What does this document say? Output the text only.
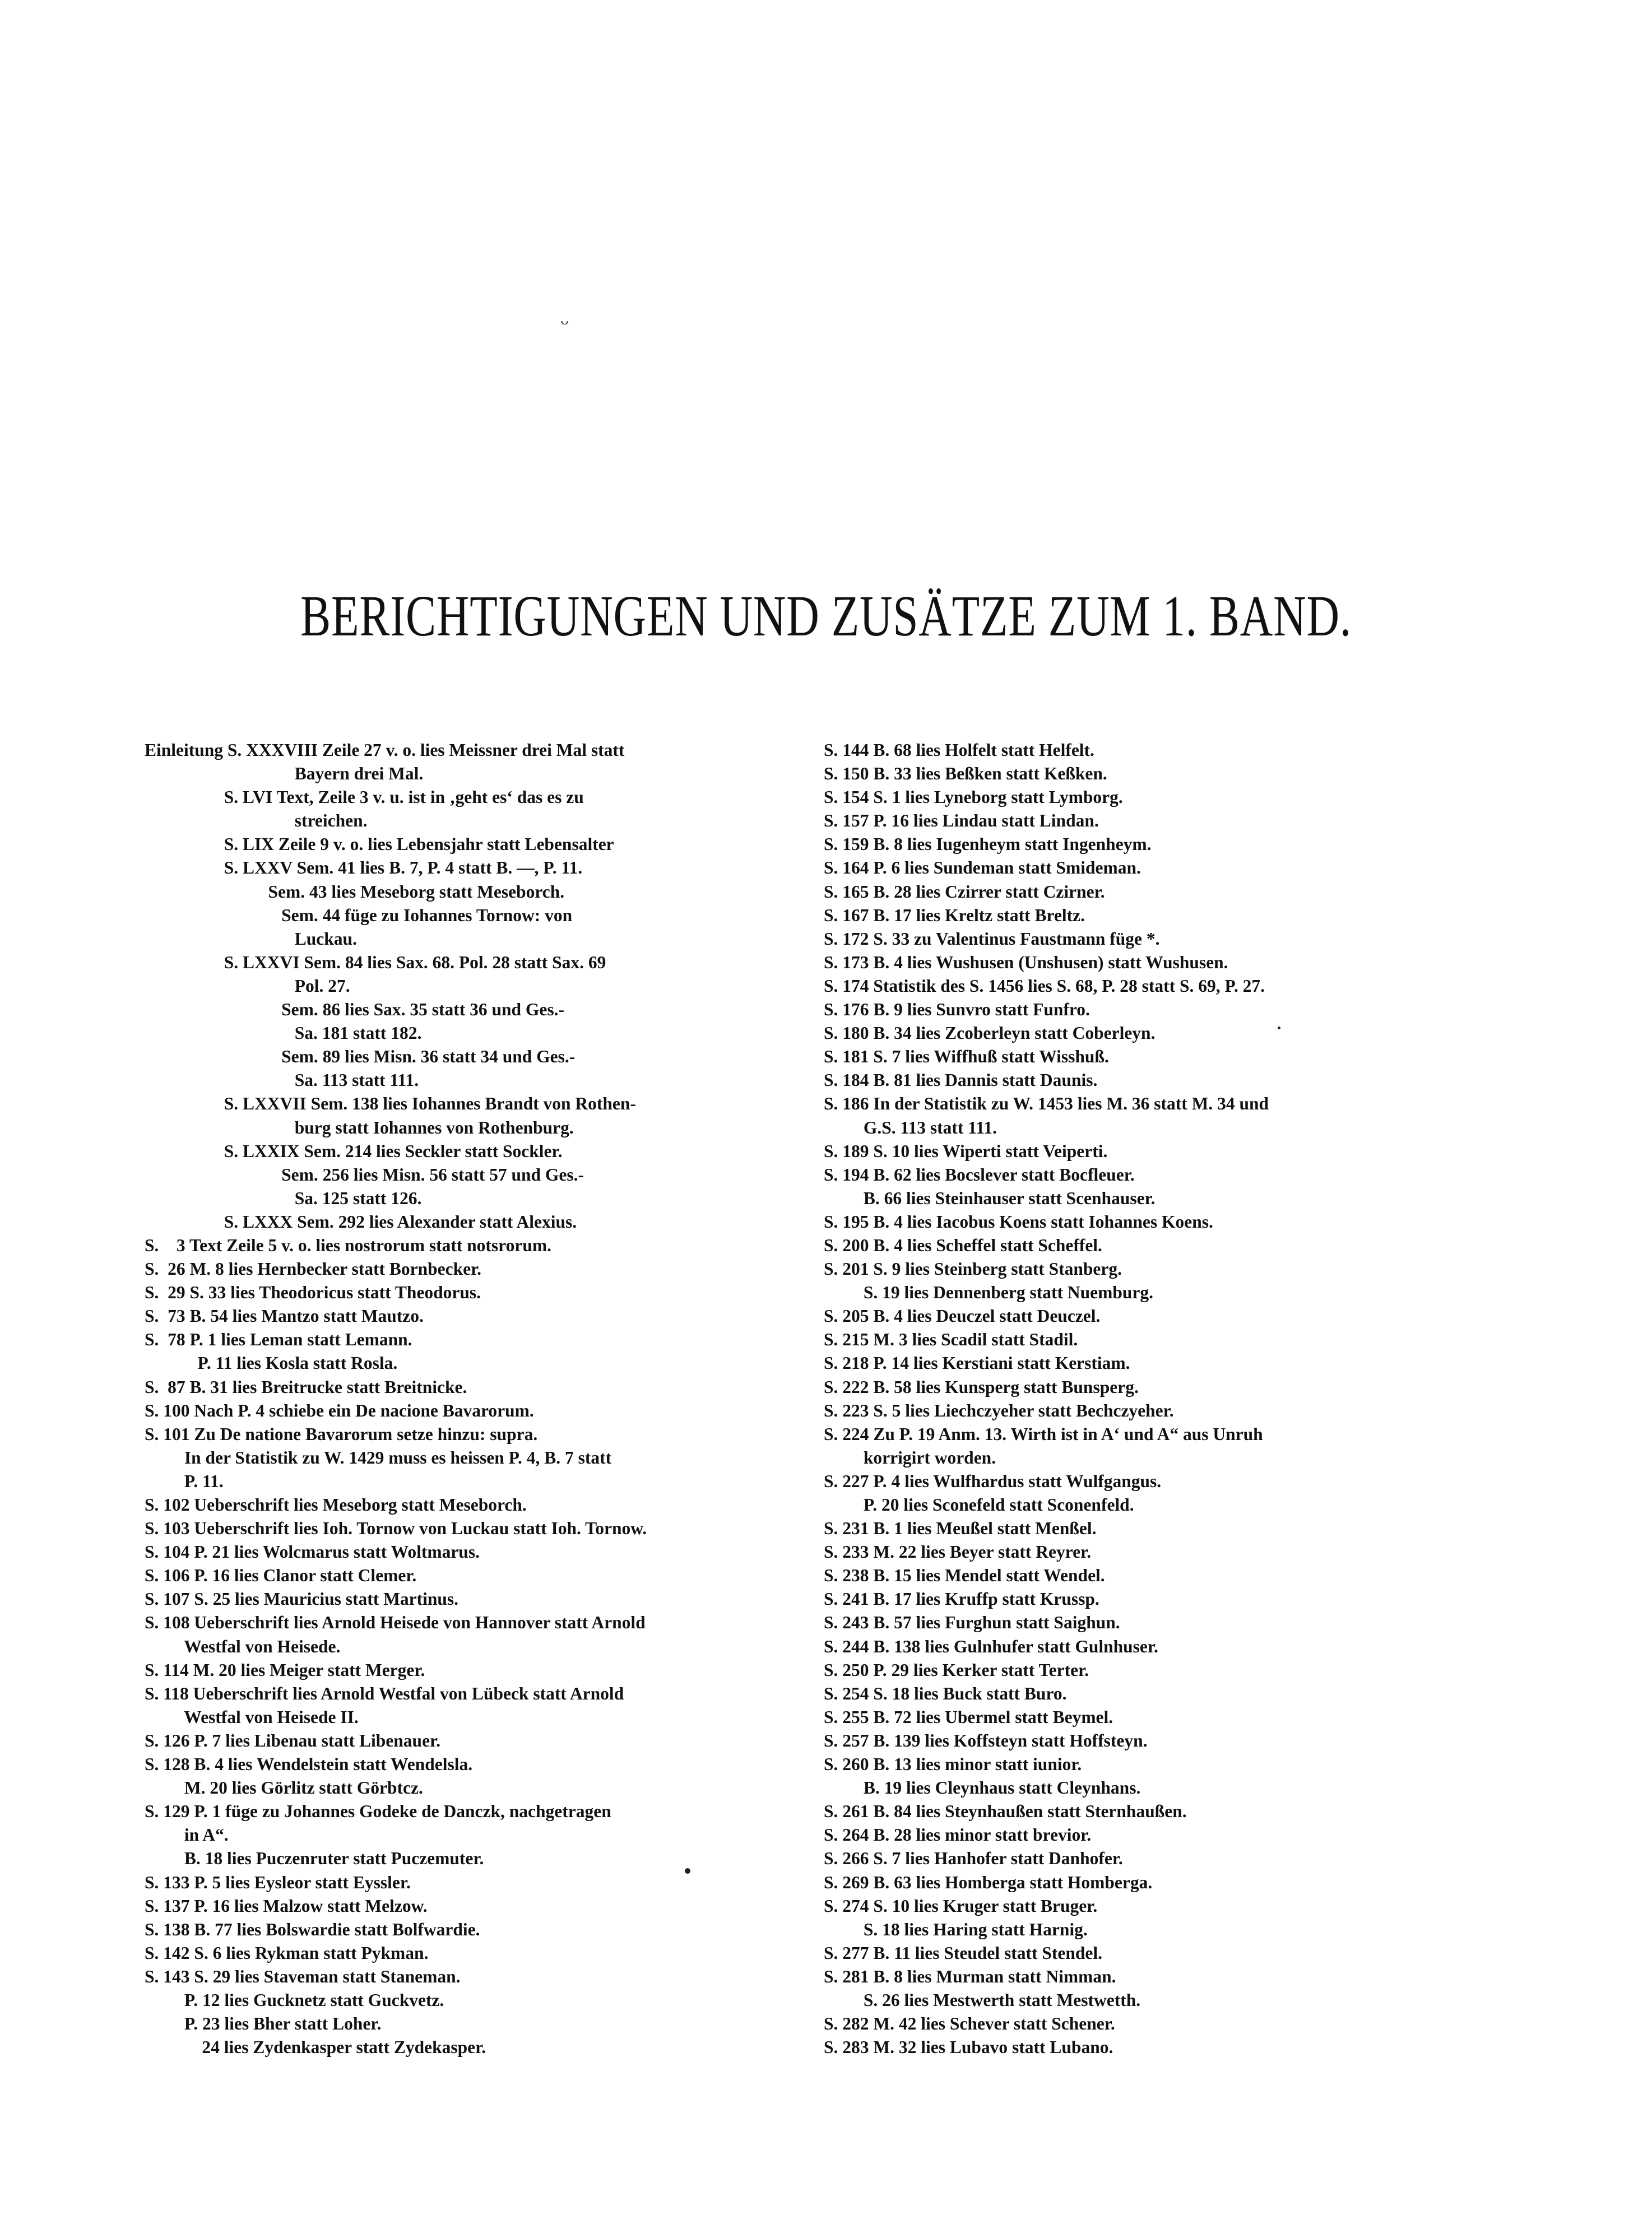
ᵕ
BERICHTIGUNGEN UND ZUSÄTZE ZUM 1. BAND.
Einleitung S. XXXVIII Zeile 27 v. o. lies Meissner drei Mal statt
Bayern drei Mal.
S. LVI Text, Zeile 3 v. u. ist in ‚geht es‘ das es zu
streichen.
S. LIX Zeile 9 v. o. lies Lebensjahr statt Lebensalter
S. LXXV Sem. 41 lies B. 7, P. 4 statt B. —, P. 11.
Sem. 43 lies Meseborg statt Meseborch.
Sem. 44 füge zu Iohannes Tornow: von
Luckau.
S. LXXVI Sem. 84 lies Sax. 68. Pol. 28 statt Sax. 69
Pol. 27.
Sem. 86 lies Sax. 35 statt 36 und Ges.-
Sa. 181 statt 182.
Sem. 89 lies Misn. 36 statt 34 und Ges.-
Sa. 113 statt 111.
S. LXXVII Sem. 138 lies Iohannes Brandt von Rothen-
burg statt Iohannes von Rothenburg.
S. LXXIX Sem. 214 lies Seckler statt Sockler.
Sem. 256 lies Misn. 56 statt 57 und Ges.-
Sa. 125 statt 126.
S. LXXX Sem. 292 lies Alexander statt Alexius.
S.    3 Text Zeile 5 v. o. lies nostrorum statt notsrorum.
S.  26 M. 8 lies Hernbecker statt Bornbecker.
S.  29 S. 33 lies Theodoricus statt Theodorus.
S.  73 B. 54 lies Mantzo statt Mautzo.
S.  78 P. 1 lies Leman statt Lemann.
P. 11 lies Kosla statt Rosla.
S.  87 B. 31 lies Breitrucke statt Breitnicke.
S. 100 Nach P. 4 schiebe ein De nacione Bavarorum.
S. 101 Zu De natione Bavarorum setze hinzu: supra.
In der Statistik zu W. 1429 muss es heissen P. 4, B. 7 statt
P. 11.
S. 102 Ueberschrift lies Meseborg statt Meseborch.
S. 103 Ueberschrift lies Ioh. Tornow von Luckau statt Ioh. Tornow.
S. 104 P. 21 lies Wolcmarus statt Woltmarus.
S. 106 P. 16 lies Clanor statt Clemer.
S. 107 S. 25 lies Mauricius statt Martinus.
S. 108 Ueberschrift lies Arnold Heisede von Hannover statt Arnold
Westfal von Heisede.
S. 114 M. 20 lies Meiger statt Merger.
S. 118 Ueberschrift lies Arnold Westfal von Lübeck statt Arnold
Westfal von Heisede II.
S. 126 P. 7 lies Libenau statt Libenauer.
S. 128 B. 4 lies Wendelstein statt Wendelsla.
M. 20 lies Görlitz statt Görbtcz.
S. 129 P. 1 füge zu Johannes Godeke de Danczk, nachgetragen
in A“.
B. 18 lies Puczenruter statt Puczemuter.
S. 133 P. 5 lies Eysleor statt Eyssler.
S. 137 P. 16 lies Malzow statt Melzow.
S. 138 B. 77 lies Bolswardie statt Bolfwardie.
S. 142 S. 6 lies Rykman statt Pykman.
S. 143 S. 29 lies Staveman statt Staneman.
P. 12 lies Gucknetz statt Guckvetz.
P. 23 lies Bher statt Loher.
24 lies Zydenkasper statt Zydekasper.
S. 144 B. 68 lies Holfelt statt Helfelt.
S. 150 B. 33 lies Beßken statt Keßken.
S. 154 S. 1 lies Lyneborg statt Lymborg.
S. 157 P. 16 lies Lindau statt Lindan.
S. 159 B. 8 lies Iugenheym statt Ingenheym.
S. 164 P. 6 lies Sundeman statt Smideman.
S. 165 B. 28 lies Czirrer statt Czirner.
S. 167 B. 17 lies Kreltz statt Breltz.
S. 172 S. 33 zu Valentinus Faustmann füge *.
S. 173 B. 4 lies Wushusen (Unshusen) statt Wushusen.
S. 174 Statistik des S. 1456 lies S. 68, P. 28 statt S. 69, P. 27.
S. 176 B. 9 lies Sunvro statt Funfro.
S. 180 B. 34 lies Zcoberleyn statt Coberleyn.
S. 181 S. 7 lies Wiffhuß statt Wisshuß.
S. 184 B. 81 lies Dannis statt Daunis.
S. 186 In der Statistik zu W. 1453 lies M. 36 statt M. 34 und
G.S. 113 statt 111.
S. 189 S. 10 lies Wiperti statt Veiperti.
S. 194 B. 62 lies Bocslever statt Bocfleuer.
B. 66 lies Steinhauser statt Scenhauser.
S. 195 B. 4 lies Iacobus Koens statt Iohannes Koens.
S. 200 B. 4 lies Scheffel statt Scheffel.
S. 201 S. 9 lies Steinberg statt Stanberg.
S. 19 lies Dennenberg statt Nuemburg.
S. 205 B. 4 lies Deuczel statt Deuczel.
S. 215 M. 3 lies Scadil statt Stadil.
S. 218 P. 14 lies Kerstiani statt Kerstiam.
S. 222 B. 58 lies Kunsperg statt Bunsperg.
S. 223 S. 5 lies Liechczyeher statt Bechczyeher.
S. 224 Zu P. 19 Anm. 13. Wirth ist in A‘ und A“ aus Unruh
korrigirt worden.
S. 227 P. 4 lies Wulfhardus statt Wulfgangus.
P. 20 lies Sconefeld statt Sconenfeld.
S. 231 B. 1 lies Meußel statt Menßel.
S. 233 M. 22 lies Beyer statt Reyrer.
S. 238 B. 15 lies Mendel statt Wendel.
S. 241 B. 17 lies Kruffp statt Krussp.
S. 243 B. 57 lies Furghun statt Saighun.
S. 244 B. 138 lies Gulnhufer statt Gulnhuser.
S. 250 P. 29 lies Kerker statt Terter.
S. 254 S. 18 lies Buck statt Buro.
S. 255 B. 72 lies Ubermel statt Beymel.
S. 257 B. 139 lies Koffsteyn statt Hoffsteyn.
S. 260 B. 13 lies minor statt iunior.
B. 19 lies Cleynhaus statt Cleynhans.
S. 261 B. 84 lies Steynhaußen statt Sternhaußen.
S. 264 B. 28 lies minor statt brevior.
S. 266 S. 7 lies Hanhofer statt Danhofer.
S. 269 B. 63 lies Homberga statt Homberga.
S. 274 S. 10 lies Kruger statt Bruger.
S. 18 lies Haring statt Harnig.
S. 277 B. 11 lies Steudel statt Stendel.
S. 281 B. 8 lies Murman statt Nimman.
S. 26 lies Mestwerth statt Mestwetth.
S. 282 M. 42 lies Schever statt Schener.
S. 283 M. 32 lies Lubavo statt Lubano.
